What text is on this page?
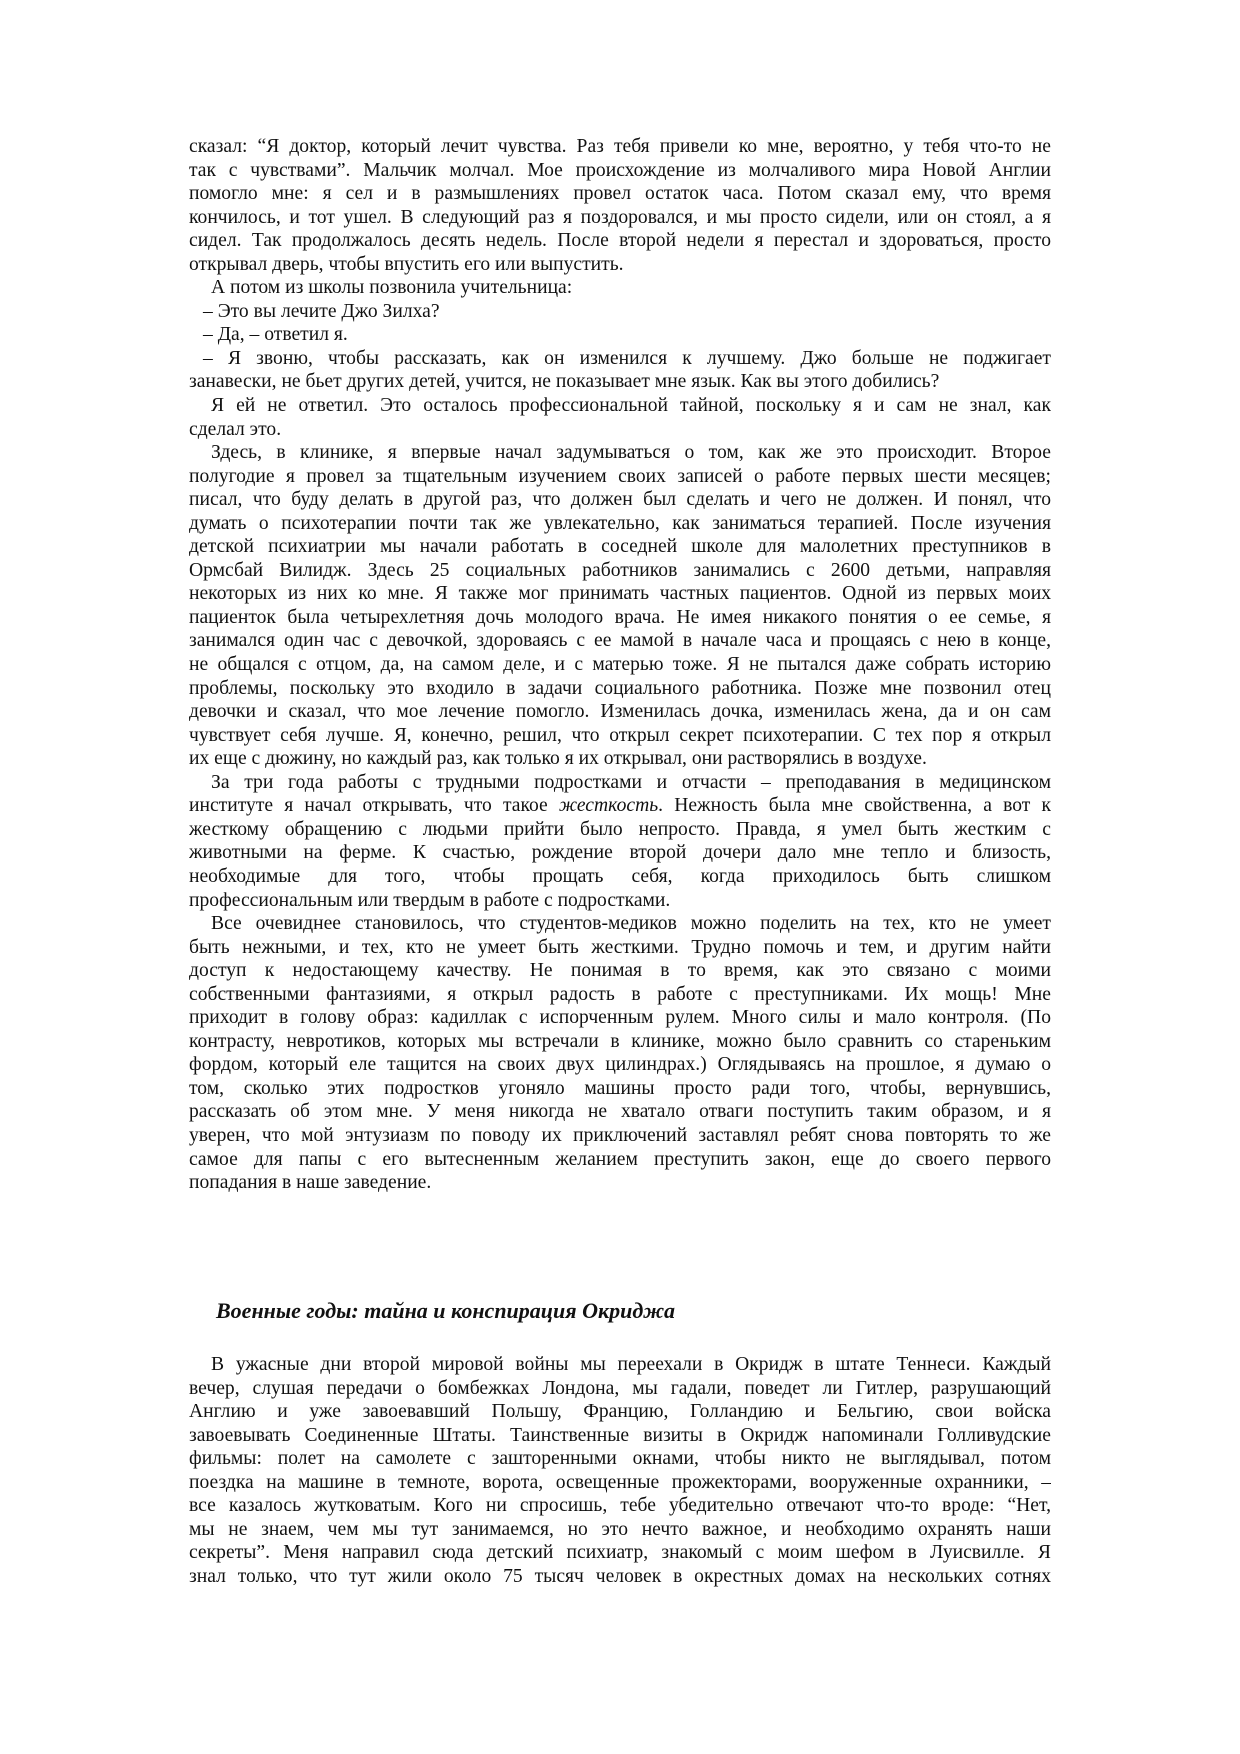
сказал: “Я доктор, который лечит чувства. Раз тебя привели ко мне, вероятно, у тебя что-то не
так с чувствами”. Мальчик молчал. Мое происхождение из молчаливого мира Новой Англии
помогло мне: я сел и в размышлениях провел остаток часа. Потом сказал ему, что время
кончилось, и тот ушел. В следующий раз я поздоровался, и мы просто сидели, или он стоял, а я
сидел. Так продолжалось десять недель. После второй недели я перестал и здороваться, просто
открывал дверь, чтобы впустить его или выпустить.
А потом из школы позвонила учительница:
– Это вы лечите Джо Зилха?
– Да, – ответил я.
– Я звоню, чтобы рассказать, как он изменился к лучшему. Джо больше не поджигает
занавески, не бьет других детей, учится, не показывает мне язык. Как вы этого добились?
Я ей не ответил. Это осталось профессиональной тайной, поскольку я и сам не знал, как
сделал это.
Здесь, в клинике, я впервые начал задумываться о том, как же это происходит. Второе
полугодие я провел за тщательным изучением своих записей о работе первых шести месяцев;
писал, что буду делать в другой раз, что должен был сделать и чего не должен. И понял, что
думать о психотерапии почти так же увлекательно, как заниматься терапией. После изучения
детской психиатрии мы начали работать в соседней школе для малолетних преступников в
Ормсбай Вилидж. Здесь 25 социальных работников занимались с 2600 детьми, направляя
некоторых из них ко мне. Я также мог принимать частных пациентов. Одной из первых моих
пациенток была четырехлетняя дочь молодого врача. Не имея никакого понятия о ее семье, я
занимался один час с девочкой, здороваясь с ее мамой в начале часа и прощаясь с нею в конце,
не общался с отцом, да, на самом деле, и с матерью тоже. Я не пытался даже собрать историю
проблемы, поскольку это входило в задачи социального работника. Позже мне позвонил отец
девочки и сказал, что мое лечение помогло. Изменилась дочка, изменилась жена, да и он сам
чувствует себя лучше. Я, конечно, решил, что открыл секрет психотерапии. С тех пор я открыл
их еще с дюжину, но каждый раз, как только я их открывал, они растворялись в воздухе.
За три года работы с трудными подростками и отчасти – преподавания в медицинском
институте я начал открывать, что такое жесткость. Нежность была мне свойственна, а вот к
жесткому обращению с людьми прийти было непросто. Правда, я умел быть жестким с
животными на ферме. К счастью, рождение второй дочери дало мне тепло и близость,
необходимые для того, чтобы прощать себя, когда приходилось быть слишком
профессиональным или твердым в работе с подростками.
Все очевиднее становилось, что студентов-медиков можно поделить на тех, кто не умеет
быть нежными, и тех, кто не умеет быть жесткими. Трудно помочь и тем, и другим найти
доступ к недостающему качеству. Не понимая в то время, как это связано с моими
собственными фантазиями, я открыл радость в работе с преступниками. Их мощь! Мне
приходит в голову образ: кадиллак с испорченным рулем. Много силы и мало контроля. (По
контрасту, невротиков, которых мы встречали в клинике, можно было сравнить со стареньким
фордом, который еле тащится на своих двух цилиндрах.) Оглядываясь на прошлое, я думаю о
том, сколько этих подростков угоняло машины просто ради того, чтобы, вернувшись,
рассказать об этом мне. У меня никогда не хватало отваги поступить таким образом, и я
уверен, что мой энтузиазм по поводу их приключений заставлял ребят снова повторять то же
самое для папы с его вытесненным желанием преступить закон, еще до своего первого
попадания в наше заведение.
Военные годы: тайна и конспирация Окриджа
В ужасные дни второй мировой войны мы переехали в Окридж в штате Теннеси. Каждый
вечер, слушая передачи о бомбежках Лондона, мы гадали, поведет ли Гитлер, разрушающий
Англию и уже завоевавший Польшу, Францию, Голландию и Бельгию, свои войска
завоевывать Соединенные Штаты. Таинственные визиты в Окридж напоминали Голливудские
фильмы: полет на самолете с зашторенными окнами, чтобы никто не выглядывал, потом
поездка на машине в темноте, ворота, освещенные прожекторами, вооруженные охранники, –
все казалось жутковатым. Кого ни спросишь, тебе убедительно отвечают что-то вроде: “Нет,
мы не знаем, чем мы тут занимаемся, но это нечто важное, и необходимо охранять наши
секреты”. Меня направил сюда детский психиатр, знакомый с моим шефом в Луисвилле. Я
знал только, что тут жили около 75 тысяч человек в окрестных домах на нескольких сотнях
